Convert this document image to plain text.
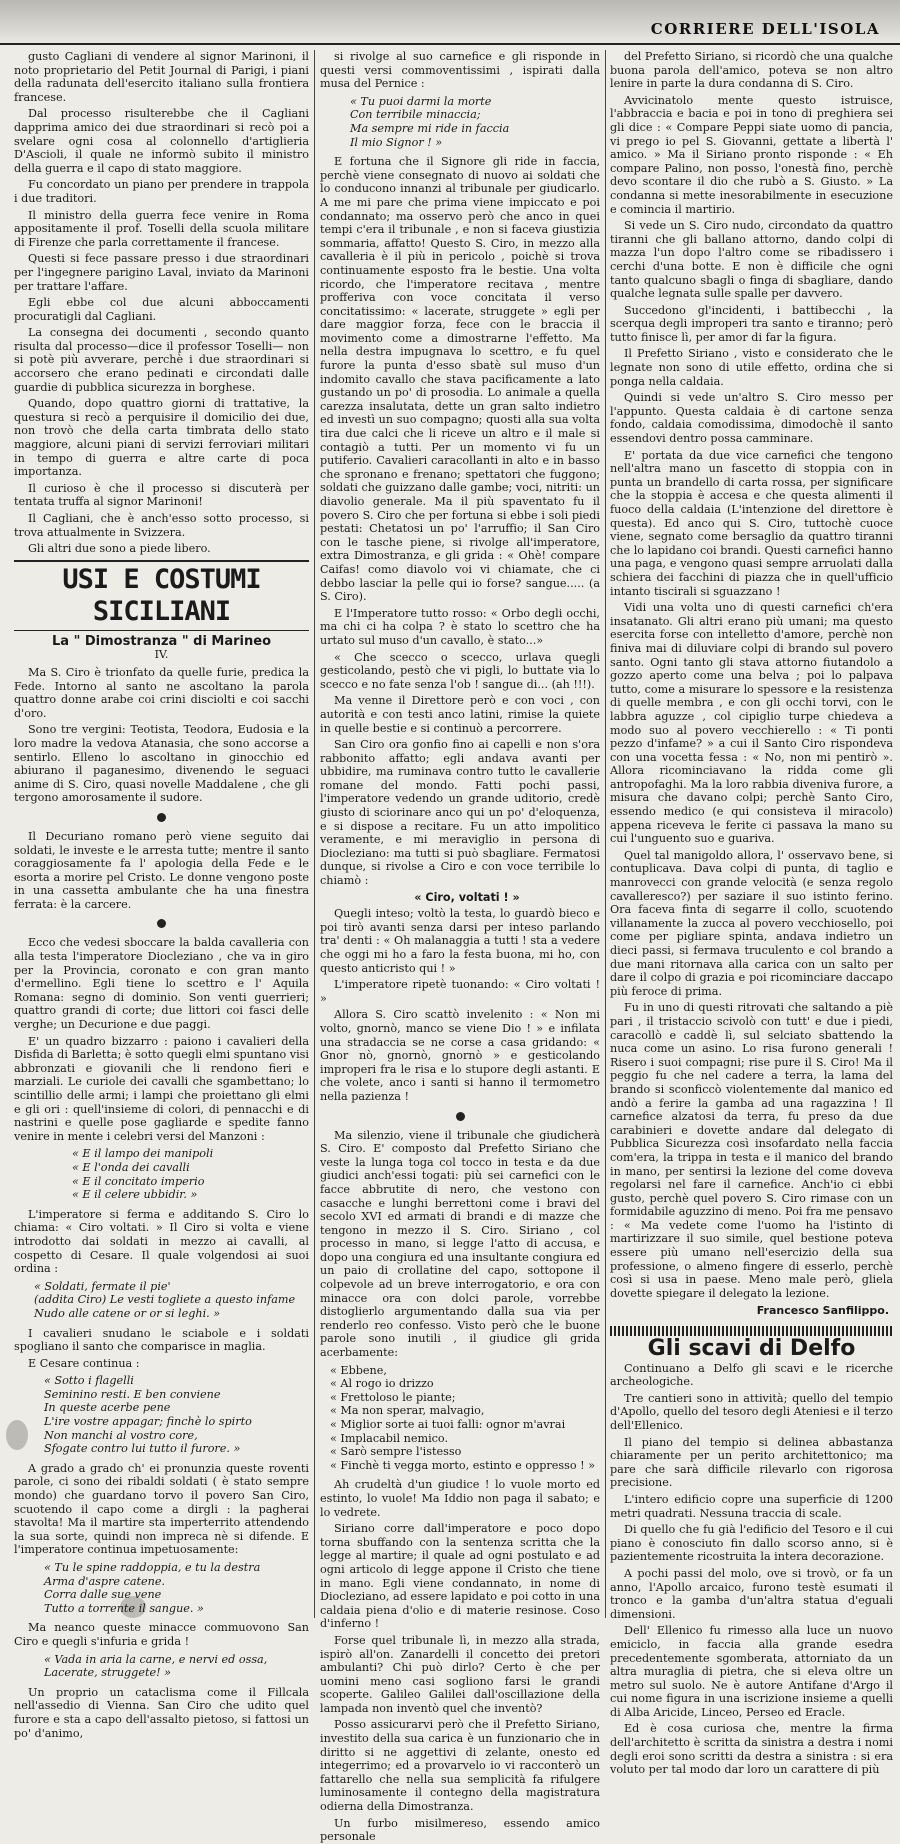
CORRIERE DELL'ISOLA

gusto Cagliani di vendere al signor Marinoni, il noto proprietario del Petit Journal di Parigi, i piani della radunata dell'esercito italiano sulla frontiera francese.

Dal processo risulterebbe che il Cagliani dapprima amico dei due straordinari si recò poi a svelare ogni cosa al colonnello d'artiglieria D'Ascioli, il quale ne informò subito il ministro della guerra e il capo di stato maggiore.

Fu concordato un piano per prendere in trappola i due traditori.

Il ministro della guerra fece venire in Roma appositamente il prof. Toselli della scuola militare di Firenze che parla correttamente il francese.

Questi si fece passare presso i due straordinari per l'ingegnere parigino Laval, inviato da Marinoni per trattare l'affare.

Egli ebbe col due alcuni abboccamenti procuratigli dal Cagliani.

La consegna dei documenti , secondo quanto risulta dal processo—dice il professor Toselli— non si potè più avverare, perchè i due straordinari si accorsero che erano pedinati e circondati dalle guardie di pubblica sicurezza in borghese.

Quando, dopo quattro giorni di trattative, la questura si recò a perquisire il domicilio dei due, non trovò che della carta timbrata dello stato maggiore, alcuni piani di servizi ferroviari militari in tempo di guerra e altre carte di poca importanza.

Il curioso è che il processo si discuterà per tentata truffa al signor Marinoni!

Il Cagliani, che è anch'esso sotto processo, si trova attualmente in Svizzera.

Gli altri due sono a piede libero.

USI E COSTUMI SICILIANI
La " Dimostranza " di Marineo
IV.

Ma S. Ciro è trionfato da quelle furie, predica la Fede. Intorno al santo ne ascoltano la parola quattro donne arabe coi crini disciolti e coi sacchi d'oro.

Sono tre vergini: Teotista, Teodora, Eudosia e la loro madre la vedova Atanasia, che sono accorse a sentirlo. Elleno lo ascoltano in ginocchio ed abiurano il paganesimo, divenendo le seguaci anime di S. Ciro, quasi novelle Maddalene , che gli tergono amorosamente il sudore.

Il Decuriano romano però viene seguito dai soldati, le investe e le arresta tutte; mentre il santo coraggiosamente fa l' apologia della Fede e le esorta a morire pel Cristo. Le donne vengono poste in una cassetta ambulante che ha una finestra ferrata: è la carcere.

Ecco che vedesi sboccare la balda cavalleria con alla testa l'imperatore Diocleziano , che va in giro per la Provincia, coronato e con gran manto d'ermellino. Egli tiene lo scettro e l' Aquila Romana: segno di dominio. Son venti guerrieri; quattro grandi di corte; due littori coi fasci delle verghe; un Decurione e due paggi.

E' un quadro bizzarro : paiono i cavalieri della Disfida di Barletta; è sotto quegli elmi spuntano visi abbronzati e giovanili che li rendono fieri e marziali. Le curiole dei cavalli che sgambettano; lo scintillio delle armi; i lampi che proiettano gli elmi e gli ori : quell'insieme di colori, di pennacchi e di nastrini e quelle pose gagliarde e spedite fanno venire in mente i celebri versi del Manzoni :

« E il lampo dei manipoli
« E l'onda dei cavalli
« E il concitato imperio
« E il celere ubbidir. »

L'imperatore si ferma e additando S. Ciro lo chiama: « Ciro voltati. » Il Ciro si volta e viene introdotto dai soldati in mezzo ai cavalli, al cospetto di Cesare. Il quale volgendosi ai suoi ordina :

« Soldati, fermate il pie'
(addita Ciro) Le vesti toglietе a questo infame
Nudo alle catene or or si leghi. »

I cavalieri snudano le sciabole e i soldati spogliano il santo che comparisce in maglia.

E Cesare continua :

« Sotto i flagelli
Seminino resti. E ben conviene
In queste acerbe pene
L'ire vostre appagar; finchè lo spirto
Non manchi al vostro core,
Sfogate contro lui tutto il furore. »

A grado a grado ch' ei pronunzia queste roventi parole, ci sono dei ribaldi soldati ( è stato sempre mondo) che guardano torvo il povero San Ciro, scuotendo il capo come a dirgli : la pagherai stavolta! Ma il martire sta imperterrito attendendo la sua sorte, quindi non impreca nè si difende. E l'imperatore continua impetuosamente:

« Tu le spine raddoppia, e tu la destra
Arma d'aspre catene.
Corra dalle sue vene
Tutto a torrente il sangue. »

Ma neanco queste minacce commuovono San Ciro e quegli s'infuria e grida !

« Vada in aria la carne, e nervi ed ossa,
Lacerate, struggete! »

Un proprio un cataclisma come il Fillcala nell'assedio di Vienna. San Ciro che udito quel furore e sta a capo dell'assalto pietoso, si fattosi un po' d'animo,

si rivolge al suo carnefice e gli risponde in questi versi commoventissimi , ispirati dalla musa del Pernice :

« Tu puoi darmi la morte
Con terribile minaccia;
Ma sempre mi ride in faccia
Il mio Signor ! »

E fortuna che il Signore gli ride in faccia, perchè viene consegnato di nuovo ai soldati che lo conducono innanzi al tribunale per giudicarlo. A me mi pare che prima viene impiccato e poi condannato; ma osservo però che anco in quei tempi c'era il tribunale , e non si faceva giustizia sommaria, affatto! Questo S. Ciro, in mezzo alla cavalleria è il più in pericolo , poichè si trova continuamente esposto fra le bestie. Una volta ricordo, che l'imperatore recitava , mentre profferiva con voce concitata il verso concitatissimo: « lacerate, struggete » egli per dare maggior forza, fece con le braccia il movimento come a dimostrarne l'effetto. Ma nella destra impugnava lo scettro, e fu quel furore la punta d'esso sbatè sul muso d'un indomito cavallo che stava pacificamente a lato gustando un po' di prosodia. Lo animale a quella carezza insalutata, dette un gran salto indietro ed investì un suo compagno; quosti alla sua volta tira due calci che li riceve un altro e il male si contagiò a tutti. Per un momento vi fu un putiferio. Cavalieri caracollanti in alto e in basso che spronano e frenano; spettatori che fuggono; soldati che guizzano dalle gambe; voci, nitriti: un diavolio generale. Ma il più spaventato fu il povero S. Ciro che per fortuna si ebbe i soli piedi pestati: Chetatosi un po' l'arruffio; il San Ciro con le tasche piene, si rivolge all'imperatore, extra Dimostranza, e gli grida : « Ohè! compare Caifas! como diavolo voi vi chiamate, che ci debbo lasciar la pelle qui io forse? sangue..... (a S. Ciro).

E l'Imperatore tutto rosso: « Orbo degli occhi, ma chi ci ha colpa ? è stato lo scettro che ha urtato sul muso d'un cavallo, è stato...»

« Che scecco o scecco, urlava quegli gesticolando, pestò che vi pigli, lo buttate via lo scecco e no fate senza l'ob ! sangue di... (ah !!!).

Ma venne il Direttore però e con voci , con autorità e con testi anco latini, rimise la quiete in quelle bestie e si continuò a percorrere.

San Ciro ora gonfio fino ai capelli e non s'ora rabbonito affatto; egli andava avanti per ubbidire, ma ruminava contro tutto le cavallerie romane del mondo. Fatti pochi passi, l'imperatore vedendo un grande uditorio, credè giusto di sciorinare anco qui un po' d'eloquenza, e si dispose a recitare. Fu un atto impolitico veramente, e mi meraviglio in persona di Diocleziano: ma tutti si può sbagliare. Fermatosi dunque, si rivolse a Ciro e con voce terribile lo chiamò :

« Ciro, voltati ! »

Quegli inteso; voltò la testa, lo guardò bieco e poi tirò avanti senza darsi per inteso parlando tra' denti : « Oh malanaggia a tutti ! sta a vedere che oggi mi ho a faro la festa buona, mi ho, con questo anticristo qui ! »

L'imperatore ripetè tuonando: « Ciro voltati ! »

Allora S. Ciro scattò invelenito : « Non mi volto, gnornò, manco se viene Dio ! » e infilata una stradaccia se ne corse a casa gridando: « Gnor nò, gnornò, gnornò » e gesticolando improperi fra le risa e lo stupore degli astanti. E che volete, anco i santi si hanno il termometro nella pazienza !

Ma silenzio, viene il tribunale che giudicherà S. Ciro. E' composto dal Prefetto Siriano che veste la lunga toga col tocco in testa e da due giudici anch'essi togati: più sei carnefici con le facce abbrutite di nero, che vestono con casacche e lunghi berrettoni come i bravi del secolo XVI ed armati di brandi e di mazze che tengono in mezzo il S. Ciro. Siriano , col processo in mano, si legge l'atto di accusa, e dopo una congiura ed una insultante congiura ed un paio di crollatine del capo, sottopone il colpevole ad un breve interrogatorio, e ora con minacce ora con dolci parole, vorrebbe distoglierlo argumentando dalla sua via per renderlo reo confesso. Visto però che le buone parole sono inutili , il giudice gli grida acerbamente:

« Ebbene,
« Al rogo io drizzo
« Frettoloso le piante;
« Ma non sperar, malvagio,
« Miglior sorte ai tuoi falli: ognor m'avrai
« Implacabil nemico.
« Sarò sempre l'istesso
« Finchè ti vegga morto, estinto e oppresso ! »

Ah crudeltà d'un giudice ! lo vuole morto ed estinto, lo vuole! Ma Iddio non paga il sabato; e lo vedrete.

Siriano corre dall'imperatore e poco dopo torna sbuffando con la sentenza scritta che la legge al martire; il quale ad ogni postulato e ad ogni articolo di legge appone il Cristo che tiene in mano. Egli viene condannato, in nome di Diocleziano, ad essere lapidato e poi cotto in una caldaia piena d'olio e di materie resinose. Coso d'inferno !

Forse quel tribunale lì, in mezzo alla strada, ispirò all'on. Zanardelli il concetto dei pretori ambulanti? Chi può dirlo? Certo è che per uomini meno casi sogliono farsi le grandi scoperte. Galileo Galilei dall'oscillazione della lampada non inventò quel che inventò?

Posso assicurarvi però che il Prefetto Siriano, investito della sua carica è un funzionario che in diritto si ne aggettivi di zelante, onesto ed integerrimo; ed a provarvelo io vi racconterò un fattarello che nella sua semplicità fa rifulgere luminosamente il contegno della magistratura odierna della Dimostranza.

Un furbo misilmereso, essendo amico personale

del Prefetto Siriano, si ricordò che una qualche buona parola dell'amico, poteva se non altro lenire in parte la dura condanna di S. Ciro.

Avvicinatolo mente questo istruisce, l'abbraccia e bacia e poi in tono di preghiera sei gli dice : « Compare Peppi siate uomo di pancia, vi prego io pel S. Giovanni, gettate a libertà l' amico. » Ma il Siriano pronto risponde : « Eh compare Palino, non posso, l'onestà fino, perchè devo scontare il dio che rubò a S. Giusto. » La condanna si mette inesorabilmente in esecuzione e comincia il martirio.

Si vede un S. Ciro nudo, circondato da quattro tiranni che gli ballano attorno, dando colpi di mazza l'un dopo l'altro come se ribadissero i cerchi d'una botte. E non è difficile che ogni tanto qualcuno sbagli o finga di sbagliare, dando qualche legnata sulle spalle per davvero.

Succedono gl'incidenti, i battibecchi , la scerqua degli improperi tra santo e tiranno; però tutto finisce lì, per amor di far la figura.

Il Prefetto Siriano , visto e considerato che le legnate non sono di utile effetto, ordina che si ponga nella caldaia.

Quindi si vede un'altro S. Ciro messo per l'appunto. Questa caldaia è di cartone senza fondo, caldaia comodissima, dimodochè il santo essendovi dentro possa camminare.

E' portata da due vice carnefici che tengono nell'altra mano un fascetto di stoppia con in punta un brandello di carta rossa, per significare che la stoppia è accesa e che questa alimenti il fuoco della caldaia (L'intenzione del direttore è questa). Ed anco qui S. Ciro, tuttochè cuoce viene, segnato come bersaglio da quattro tiranni che lo lapidano coi brandi. Questi carnefici hanno una paga, e vengono quasi sempre arruolati dalla schiera dei facchini di piazza che in quell'ufficio intanto tiscirali si sguazzano !

Vidi una volta uno di questi carnefici ch'era insatanato. Gli altri erano più umani; ma questo esercita forse con intelletto d'amore, perchè non finiva mai di diluviare colpi di brando sul povero santo. Ogni tanto gli stava attorno fiutandolo a gozzo aperto come una belva ; poi lo palpava tutto, come a misurare lo spessore e la resistenza di quelle membra , e con gli occhi torvi, con le labbra aguzze , col cipiglio turpe chiedeva a modo suo al povero vecchierello : « Ti ponti pezzo d'infame? » a cui il Santo Ciro rispondeva con una vocetta fessa : « No, non mi pentirò ». Allora ricominciavano la ridda come gli antropofaghi. Ma la loro rabbia diveniva furore, a misura che davano colpi; perchè Santo Ciro, essendo medico (e qui consisteva il miracolo) appena riceveva le ferite ci passava la mano su cui l'unguento suo e guariva.

Quel tal manigoldo allora, l' osservavo bene, si contuplicava. Dava colpi di punta, di taglio e manroveсci con grande velocità (e senza regolo cavalleresco?) per saziare il suo istinto ferino. Ora faceva finta di segarre il collo, scuotendo villanamente la zucca al povero vecchiosello, poi come per pigliare spinta, andava indietro un dieci passi, si fermava truculento e col brando a due mani ritornava alla carica con un salto per dare il colpo di grazia e poi ricominciare daccapo più feroce di prima.

Fu in uno di questi ritrovati che saltando a piè pari , il tristaccio scivolò con tutt' e due i piedi, caracollò e caddè lì, sul selciato sbattendo la nuca come un asino. Lo risa furono generali ! Risero i suoi compagni; rise pure il S. Ciro! Ma il peggio fu che nel cadere a terra, la lama del brando si sconficcò violentemente dal manico ed andò a ferire la gamba ad una ragazzina ! Il carnefice alzatosi da terra, fu preso da due carabinieri e dovette andare dal delegato di Pubblica Sicurezza così insofardato nella faccia com'era, la trippa in testa e il manico del brando in mano, per sentirsi la lezione del come doveva regolarsi nel fare il carnefice. Anch'io ci ebbi gusto, perchè quel povero S. Ciro rimase con un formidabile aguzzino di meno. Poi fra me pensavo : « Ma vedete come l'uomo ha l'istinto di martirizzare il suo simile, quel bestione poteva essere più umano nell'esercizio della sua professione, o almeno fingere di esserlo, perchè così si usa in paese. Meno male però, gliela dovette spiegare il delegato la lezione.

Francesco Sanfilippo.
Gli scavi di Delfo

Continuano a Delfo gli scavi e le ricerche archeologiche.

Tre cantieri sono in attività; quello del tempio d'Apollo, quello del tesoro degli Ateniesi e il terzo dell'Ellenico.

Il piano del tempio si delinea abbastanza chiaramente per un perito architettonico; ma pare che sarà difficile rilevarlo con rigorosa precisione.

L'intero edificio copre una superficie di 1200 metri quadrati. Nessuna traccia di scale.

Di quello che fu già l'edificio del Tesoro e il cui piano è conosciuto fin dallo scorso anno, si è pazientemente ricostruita la intera decorazione.

A pochi passi del molo, ove si trovò, or fa un anno, l'Apollo arcaico, furono testè esumati il tronco e la gamba d'un'altra statua d'eguali dimensioni.

Dell' Ellenico fu rimesso alla luce un nuovo emiciclo, in faccia alla grande esedra precedentemente sgomberata, attorniato da un altra muraglia di pietra, che si eleva oltre un metro sul suolo. Ne è autore Antifane d'Argo il cui nome figura in una iscrizione insieme a quelli di Alba Aricide, Linceo, Perseo ed Eracle.

Ed è cosa curiosa che, mentre la firma dell'architetto è scritta da sinistra a destra i nomi degli eroi sono scritti da destra a sinistra : si era voluto per tal modo dar loro un carattere di più
